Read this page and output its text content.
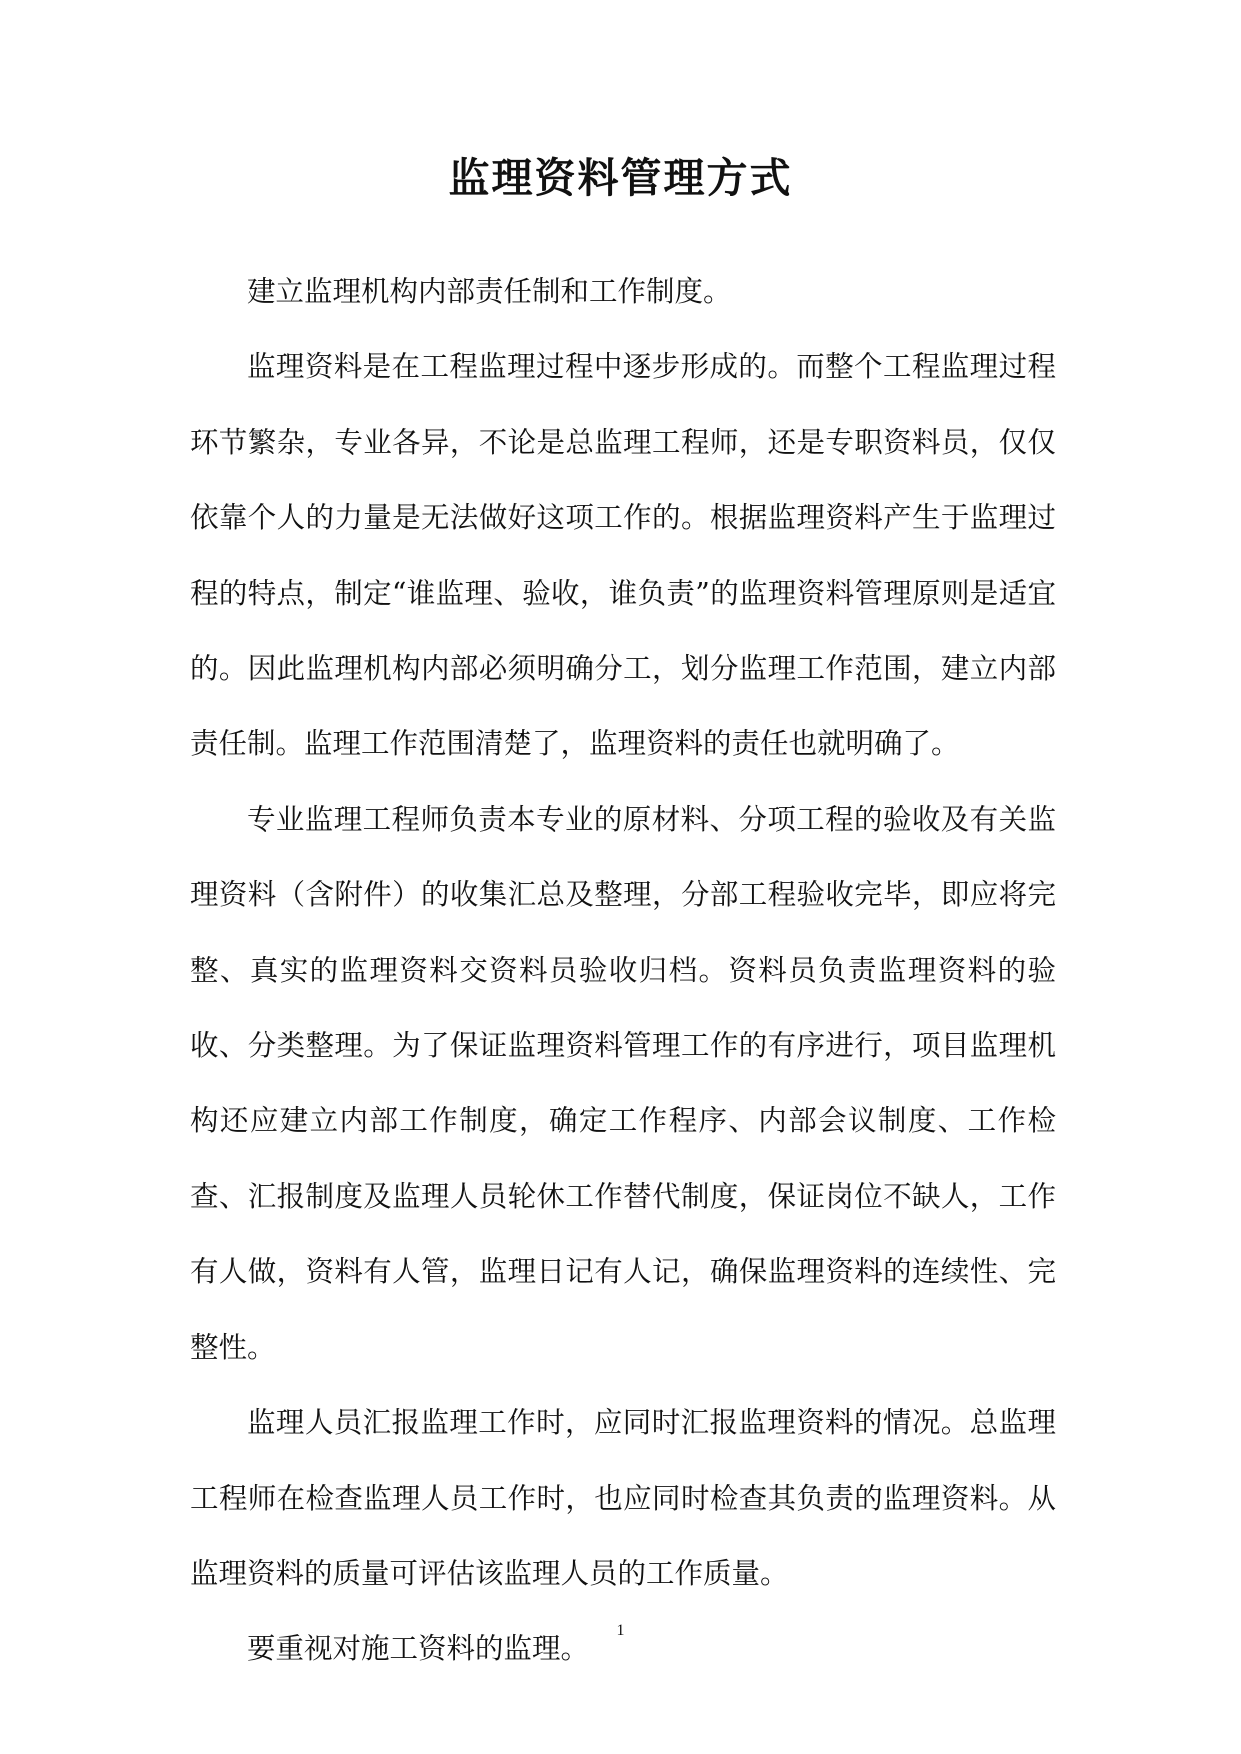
监理资料管理方式

建立监理机构内部责任制和工作制度。

监理资料是在工程监理过程中逐步形成的。而整个工程监理过程环节繁杂，专业各异，不论是总监理工程师，还是专职资料员，仅仅依靠个人的力量是无法做好这项工作的。根据监理资料产生于监理过程的特点，制定“谁监理、验收，谁负责”的监理资料管理原则是适宜的。因此监理机构内部必须明确分工，划分监理工作范围，建立内部责任制。监理工作范围清楚了，监理资料的责任也就明确了。

专业监理工程师负责本专业的原材料、分项工程的验收及有关监理资料（含附件）的收集汇总及整理，分部工程验收完毕，即应将完整、真实的监理资料交资料员验收归档。资料员负责监理资料的验收、分类整理。为了保证监理资料管理工作的有序进行，项目监理机构还应建立内部工作制度，确定工作程序、内部会议制度、工作检查、汇报制度及监理人员轮休工作替代制度，保证岗位不缺人，工作有人做，资料有人管，监理日记有人记，确保监理资料的连续性、完整性。

监理人员汇报监理工作时，应同时汇报监理资料的情况。总监理工程师在检查监理人员工作时，也应同时检查其负责的监理资料。从监理资料的质量可评估该监理人员的工作质量。

要重视对施工资料的监理。

1
